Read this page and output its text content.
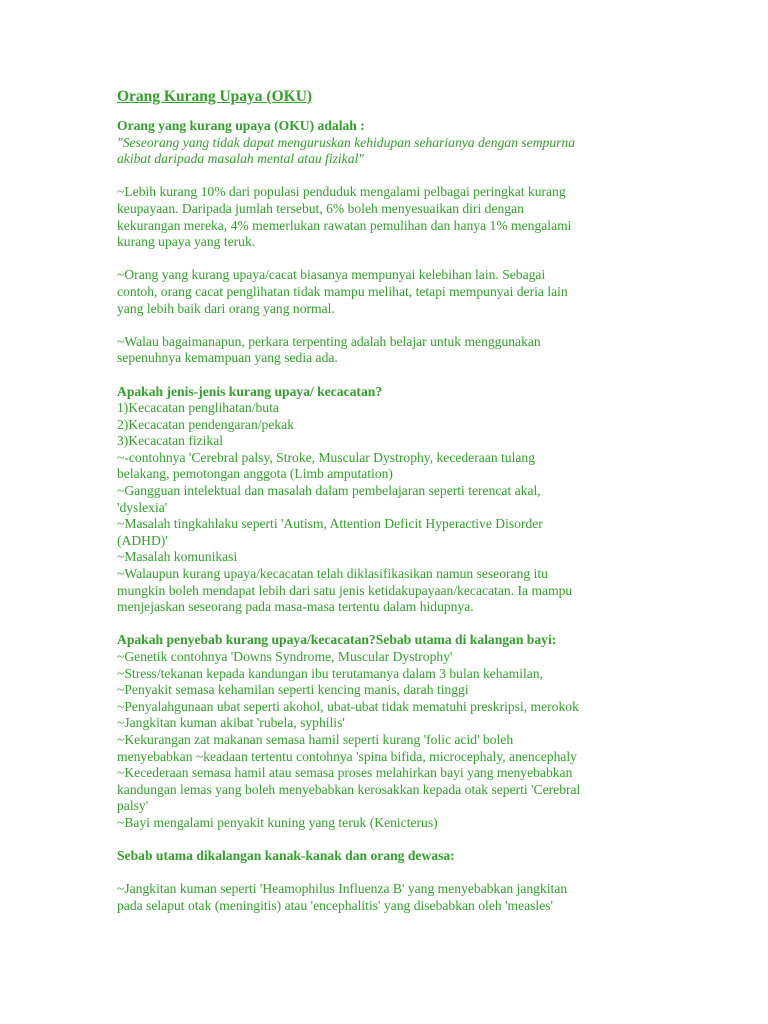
Orang Kurang Upaya (OKU)
Orang yang kurang upaya (OKU) adalah :
"Seseorang yang tidak dapat menguruskan kehidupan seharianya dengan sempurna
akibat daripada masalah mental atau fizikal"
~Lebih kurang 10% dari populasi penduduk mengalami pelbagai peringkat kurang
keupayaan. Daripada jumlah tersebut, 6% boleh menyesuaikan diri dengan
kekurangan mereka, 4% memerlukan rawatan pemulihan dan hanya 1% mengalami
kurang upaya yang teruk.
~Orang yang kurang upaya/cacat biasanya mempunyai kelebihan lain. Sebagai
contoh, orang cacat penglihatan tidak mampu melihat, tetapi mempunyai deria lain
yang lebih baik dari orang yang normal.
~Walau bagaimanapun, perkara terpenting adalah belajar untuk menggunakan
sepenuhnya kemampuan yang sedia ada.
Apakah jenis-jenis kurang upaya/ kecacatan?
1)Kecacatan penglihatan/buta
2)Kecacatan pendengaran/pekak
3)Kecacatan fizikal
~-contohnya 'Cerebral palsy, Stroke, Muscular Dystrophy, kecederaan tulang
belakang, pemotongan anggota (Limb amputation)
~Gangguan intelektual dan masalah dalam pembelajaran seperti terencat akal,
'dyslexia'
~Masalah tingkahlaku seperti 'Autism, Attention Deficit Hyperactive Disorder
(ADHD)'
~Masalah komunikasi
~Walaupun kurang upaya/kecacatan telah diklasifikasikan namun seseorang itu
mungkin boleh mendapat lebih dari satu jenis ketidakupayaan/kecacatan. Ia mampu
menjejaskan seseorang pada masa-masa tertentu dalam hidupnya.
Apakah penyebab kurang upaya/kecacatan?Sebab utama di kalangan bayi:
~Genetik contohnya 'Downs Syndrome, Muscular Dystrophy'
~Stress/tekanan kepada kandungan ibu terutamanya dalam 3 bulan kehamilan,
~Penyakit semasa kehamilan seperti kencing manis, darah tinggi
~Penyalahgunaan ubat seperti akohol, ubat-ubat tidak mematuhi preskripsi, merokok
~Jangkitan kuman akibat 'rubela, syphilis'
~Kekurangan zat makanan semasa hamil seperti kurang 'folic acid' boleh
menyebabkan ~keadaan tertentu contohnya 'spina bifida, microcephaly, anencephaly
~Kecederaan semasa hamil atau semasa proses melahirkan bayi yang menyebabkan
kandungan lemas yang boleh menyebabkan kerosakkan kepada otak seperti 'Cerebral
palsy'
~Bayi mengalami penyakit kuning yang teruk (Kenicterus)
Sebab utama dikalangan kanak-kanak dan orang dewasa:
~Jangkitan kuman seperti 'Heamophilus Influenza B' yang menyebabkan jangkitan
pada selaput otak (meningitis) atau 'encephalitis' yang disebabkan oleh 'measles'
